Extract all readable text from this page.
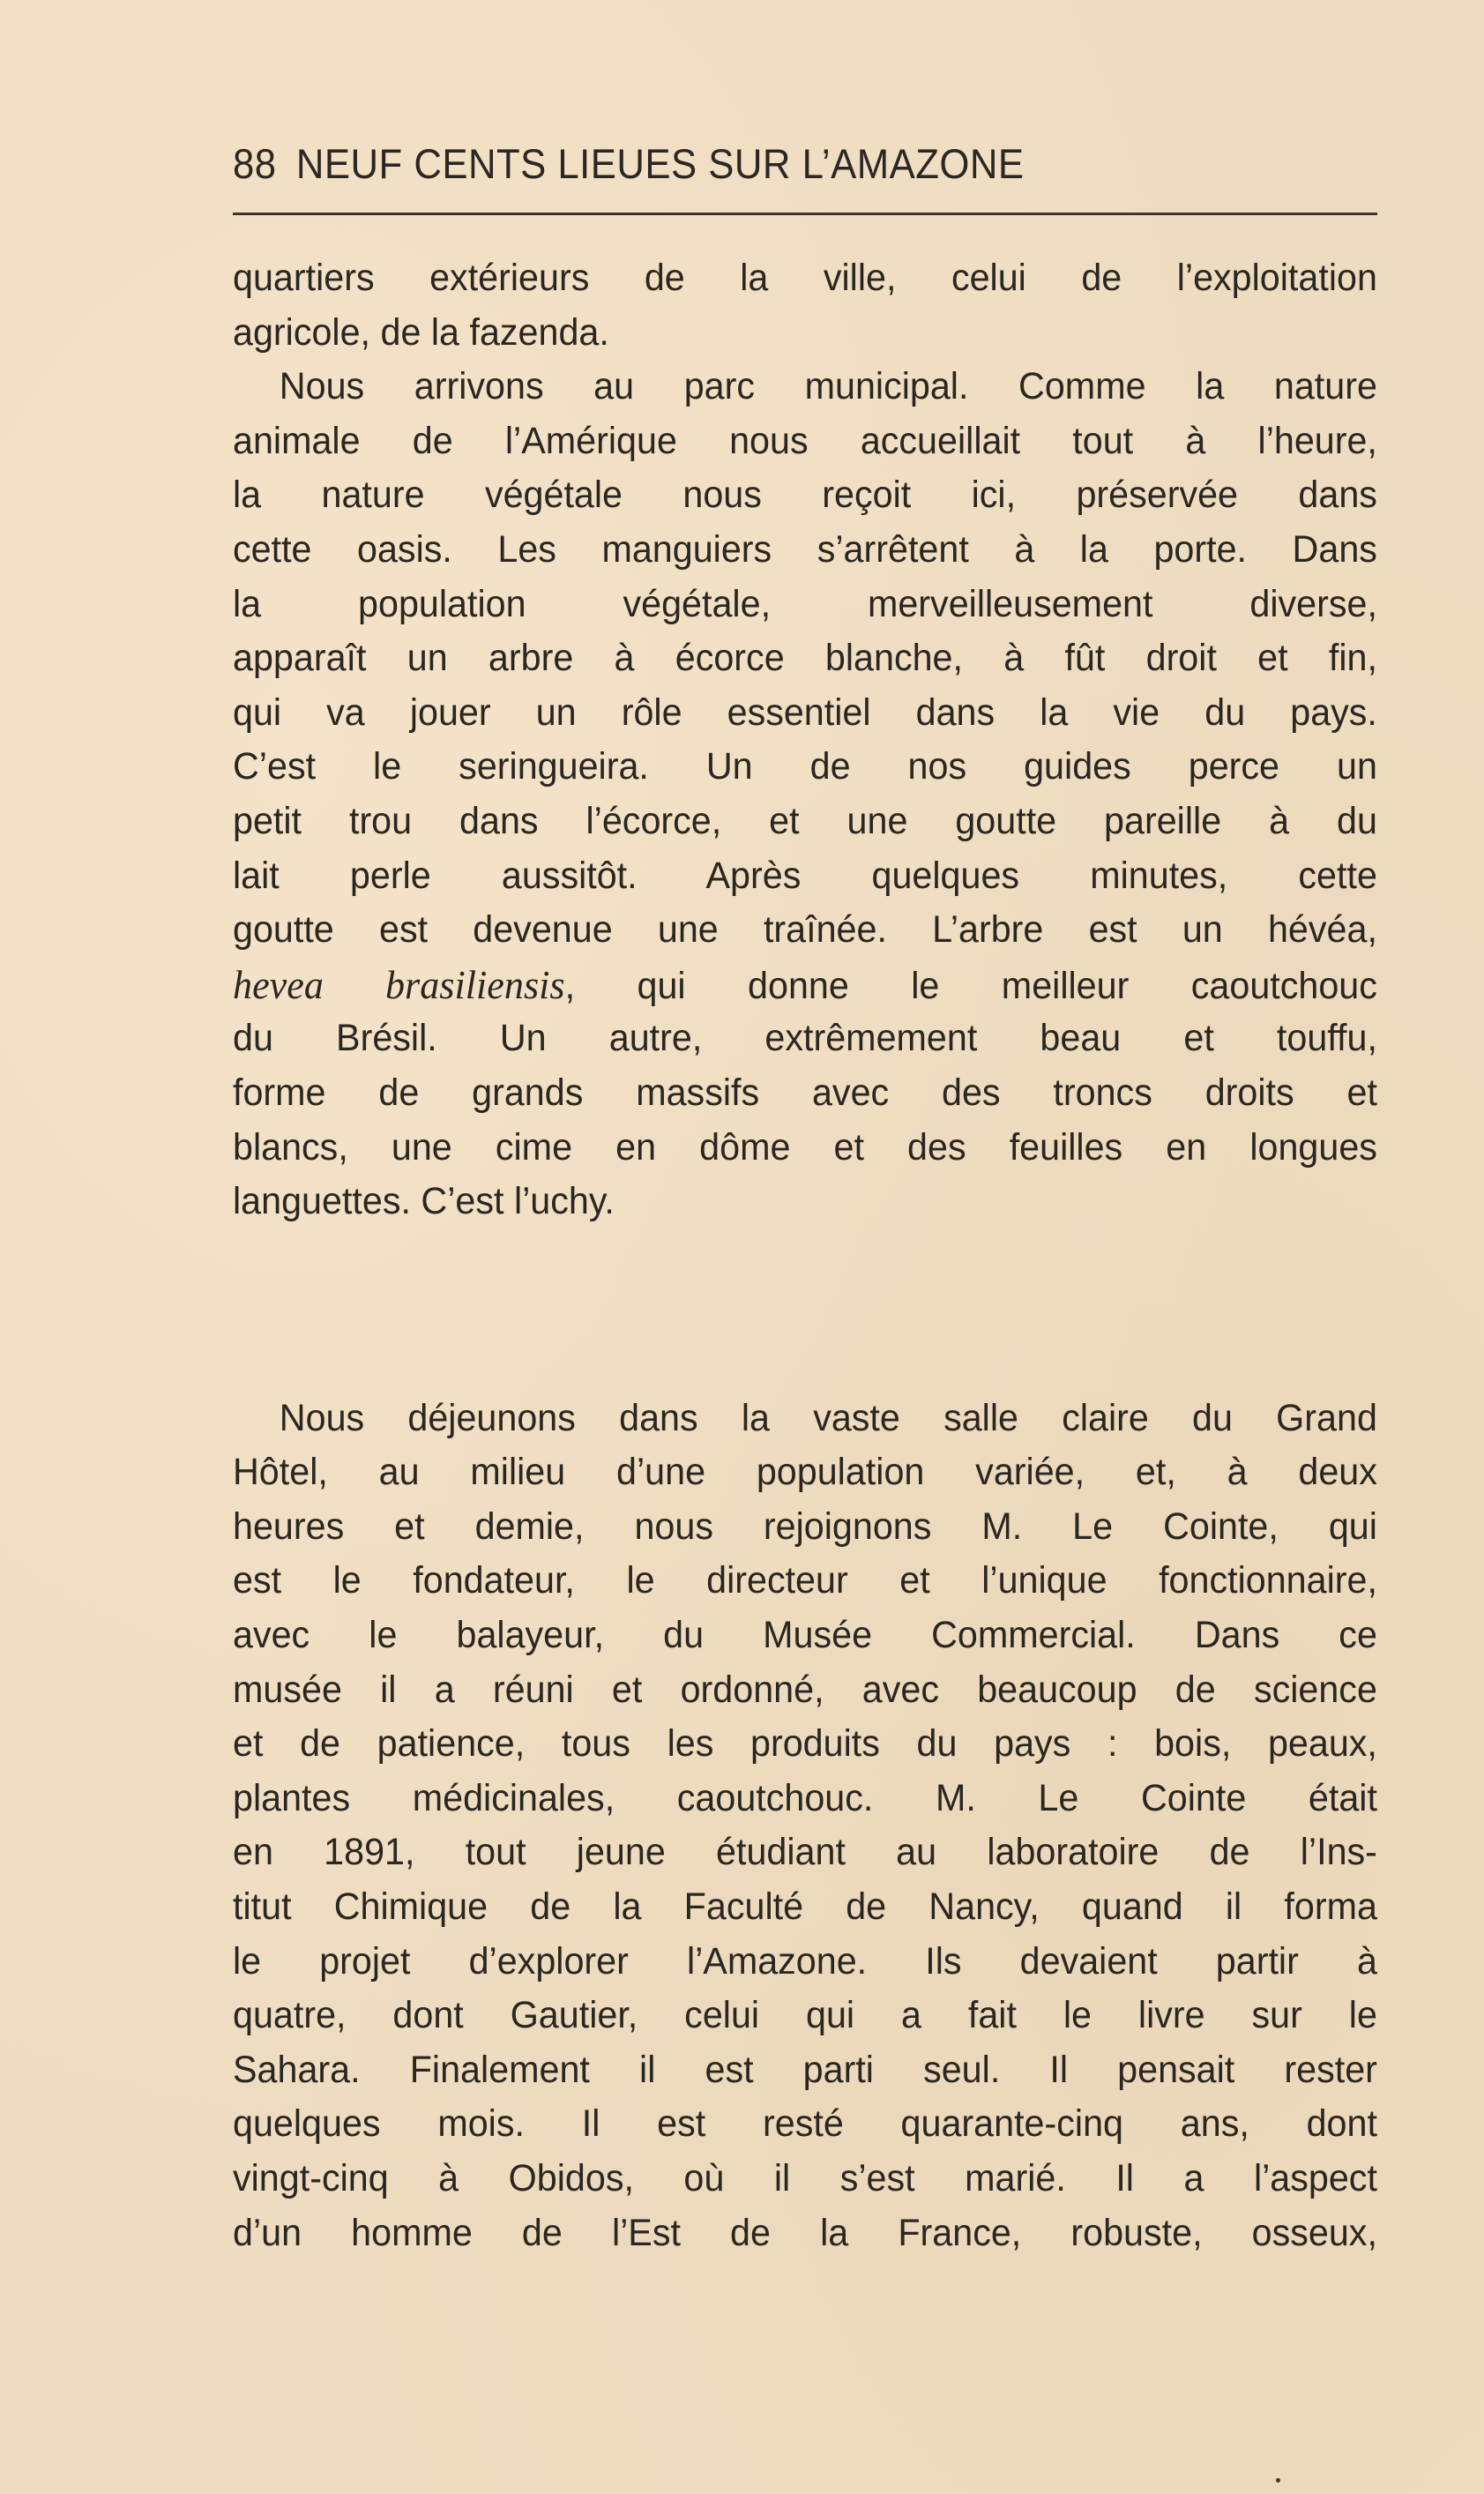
88 NEUF CENTS LIEUES SUR L’AMAZONE
quartiers extérieurs de la ville, celui de l’exploitation
agricole, de la fazenda.
Nous arrivons au parc municipal. Comme la nature
animale de l’Amérique nous accueillait tout à l’heure,
la nature végétale nous reçoit ici, préservée dans
cette oasis. Les manguiers s’arrêtent à la porte. Dans
la population végétale, merveilleusement diverse,
apparaît un arbre à écorce blanche, à fût droit et fin,
qui va jouer un rôle essentiel dans la vie du pays.
C’est le seringueira. Un de nos guides perce un
petit trou dans l’écorce, et une goutte pareille à du
lait perle aussitôt. Après quelques minutes, cette
goutte est devenue une traînée. L’arbre est un hévéa,
hevea brasiliensis, qui donne le meilleur caoutchouc
du Brésil. Un autre, extrêmement beau et touffu,
forme de grands massifs avec des troncs droits et
blancs, une cime en dôme et des feuilles en longues
languettes. C’est l’uchy.
Nous déjeunons dans la vaste salle claire du Grand
Hôtel, au milieu d’une population variée, et, à deux
heures et demie, nous rejoignons M. Le Cointe, qui
est le fondateur, le directeur et l’unique fonctionnaire,
avec le balayeur, du Musée Commercial. Dans ce
musée il a réuni et ordonné, avec beaucoup de science
et de patience, tous les produits du pays : bois, peaux,
plantes médicinales, caoutchouc. M. Le Cointe était
en 1891, tout jeune étudiant au laboratoire de l’Ins-
titut Chimique de la Faculté de Nancy, quand il forma
le projet d’explorer l’Amazone. Ils devaient partir à
quatre, dont Gautier, celui qui a fait le livre sur le
Sahara. Finalement il est parti seul. Il pensait rester
quelques mois. Il est resté quarante-cinq ans, dont
vingt-cinq à Obidos, où il s’est marié. Il a l’aspect
d’un homme de l’Est de la France, robuste, osseux,
